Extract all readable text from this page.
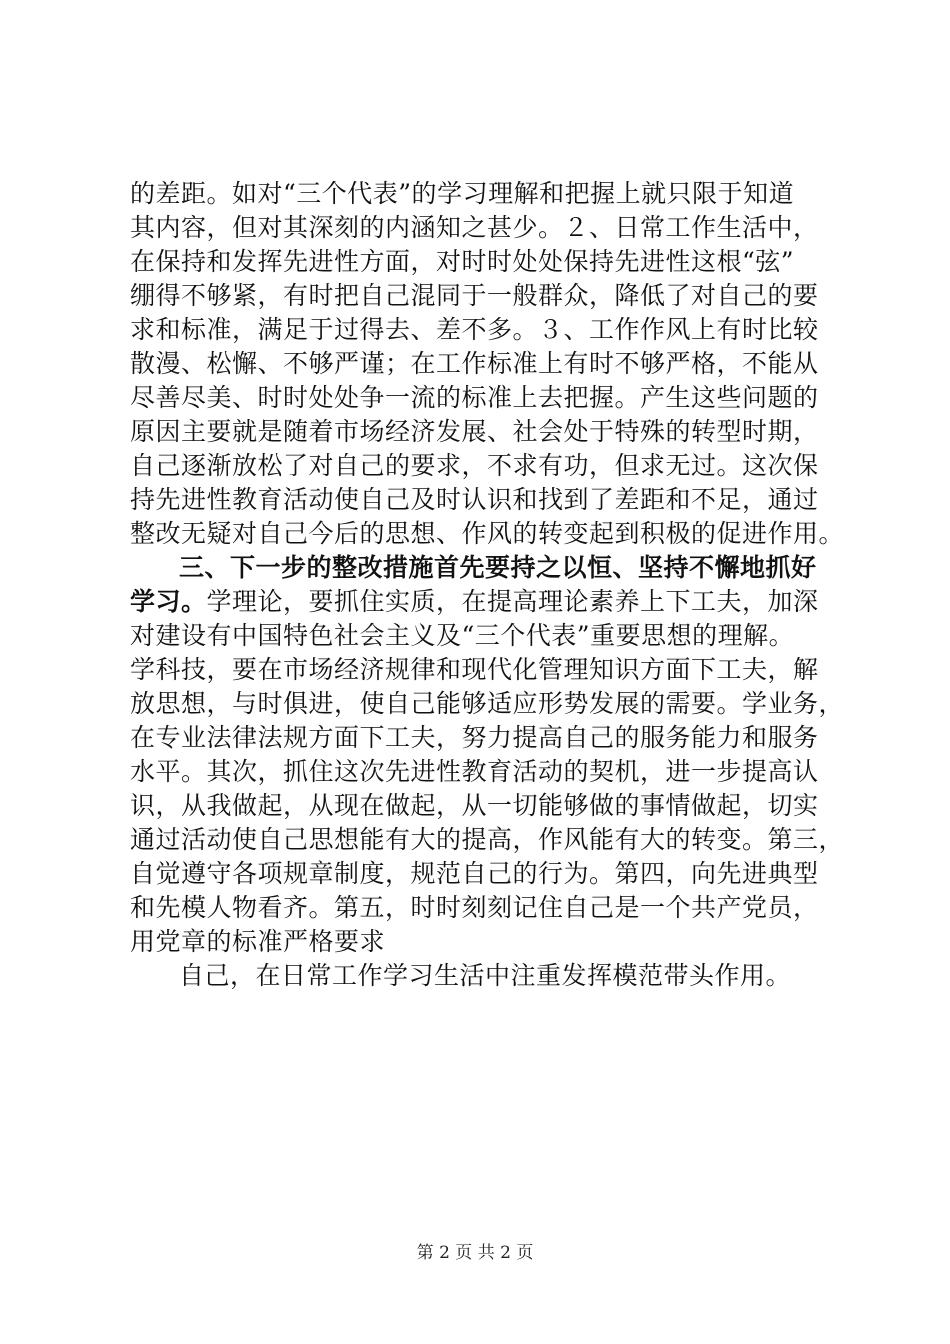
的差距。如对“三个代表”的学习理解和把握上就只限于知道
其内容，但对其深刻的内涵知之甚少。２、日常工作生活中，
在保持和发挥先进性方面，对时时处处保持先进性这根“弦”
绷得不够紧，有时把自己混同于一般群众，降低了对自己的要
求和标准，满足于过得去、差不多。３、工作作风上有时比较
散漫、松懈、不够严谨；在工作标准上有时不够严格，不能从
尽善尽美、时时处处争一流的标准上去把握。产生这些问题的
原因主要就是随着市场经济发展、社会处于特殊的转型时期，
自己逐渐放松了对自己的要求，不求有功，但求无过。这次保
持先进性教育活动使自己及时认识和找到了差距和不足，通过
整改无疑对自己今后的思想、作风的转变起到积极的促进作用。
三、下一步的整改措施首先要持之以恒、坚持不懈地抓好
学习。学理论，要抓住实质，在提高理论素养上下工夫，加深
对建设有中国特色社会主义及“三个代表”重要思想的理解。
学科技，要在市场经济规律和现代化管理知识方面下工夫，解
放思想，与时俱进，使自己能够适应形势发展的需要。学业务，
在专业法律法规方面下工夫，努力提高自己的服务能力和服务
水平。其次，抓住这次先进性教育活动的契机，进一步提高认
识，从我做起，从现在做起，从一切能够做的事情做起，切实
通过活动使自己思想能有大的提高，作风能有大的转变。第三，
自觉遵守各项规章制度，规范自己的行为。第四，向先进典型
和先模人物看齐。第五，时时刻刻记住自己是一个共产党员，
用党章的标准严格要求
自己，在日常工作学习生活中注重发挥模范带头作用。
第 2 页 共 2 页
